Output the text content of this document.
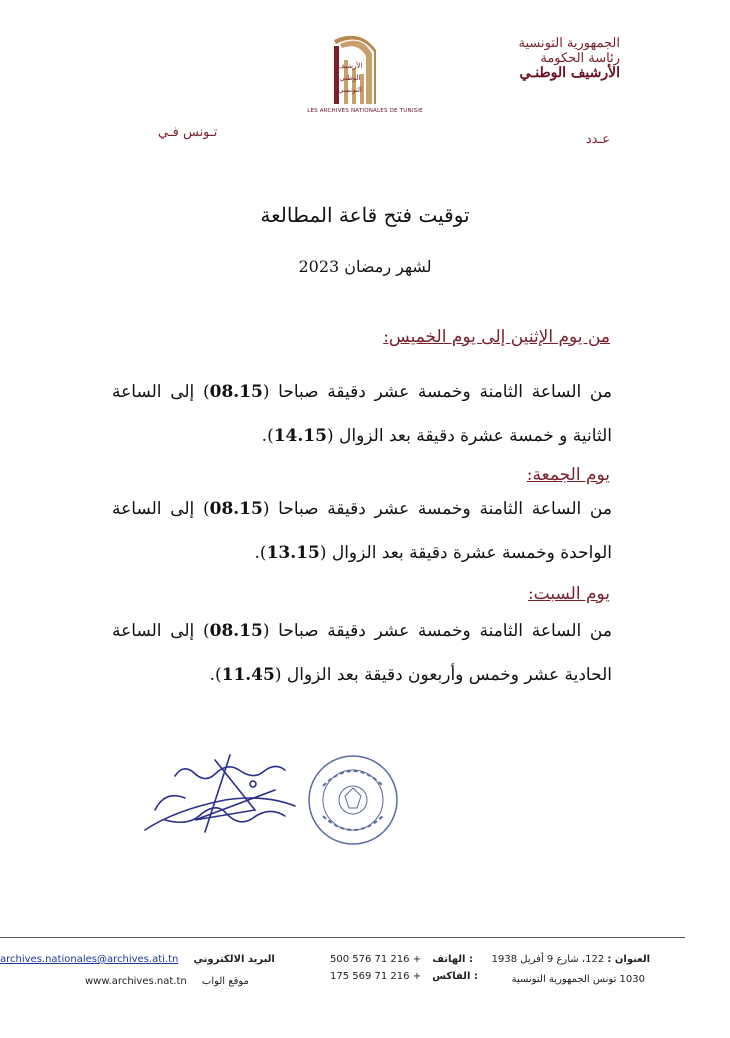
الجمهورية التونسية
رئاسة الحكومة
الأرشيف الوطنـي
الأرشيف
الوطني
التونسي
LES ARCHIVES NATIONALES DE TUNISIE
تـونس فـي	عـدد
توقيت فتح قاعة المطالعة
لشهر رمضان 2023
من يوم الإثنين إلى يوم الخميس:
من الساعة الثامنة وخمسة عشر دقيقة صباحا (08.15) إلى الساعة الثانية و خمسة عشرة دقيقة بعد الزوال (14.15).
يوم الجمعة:
من الساعة الثامنة وخمسة عشر دقيقة صباحا (08.15) إلى الساعة الواحدة وخمسة عشرة دقيقة بعد الزوال (13.15).
يوم السبت:
من الساعة الثامنة وخمسة عشر دقيقة صباحا (08.15) إلى الساعة الحادية عشر وخمس وأربعون دقيقة بعد الزوال (11.45).
العنوان : 122، شارع 9 أفريل 1938
1030 تونس الجمهورية التونسية
500 576 71 216 + الهاتف :
175 569 71 216 + الفاكس :
archives.nationales@archives.ati.tn البريد الالكتروني
www.archives.nat.tn موقع الواب
